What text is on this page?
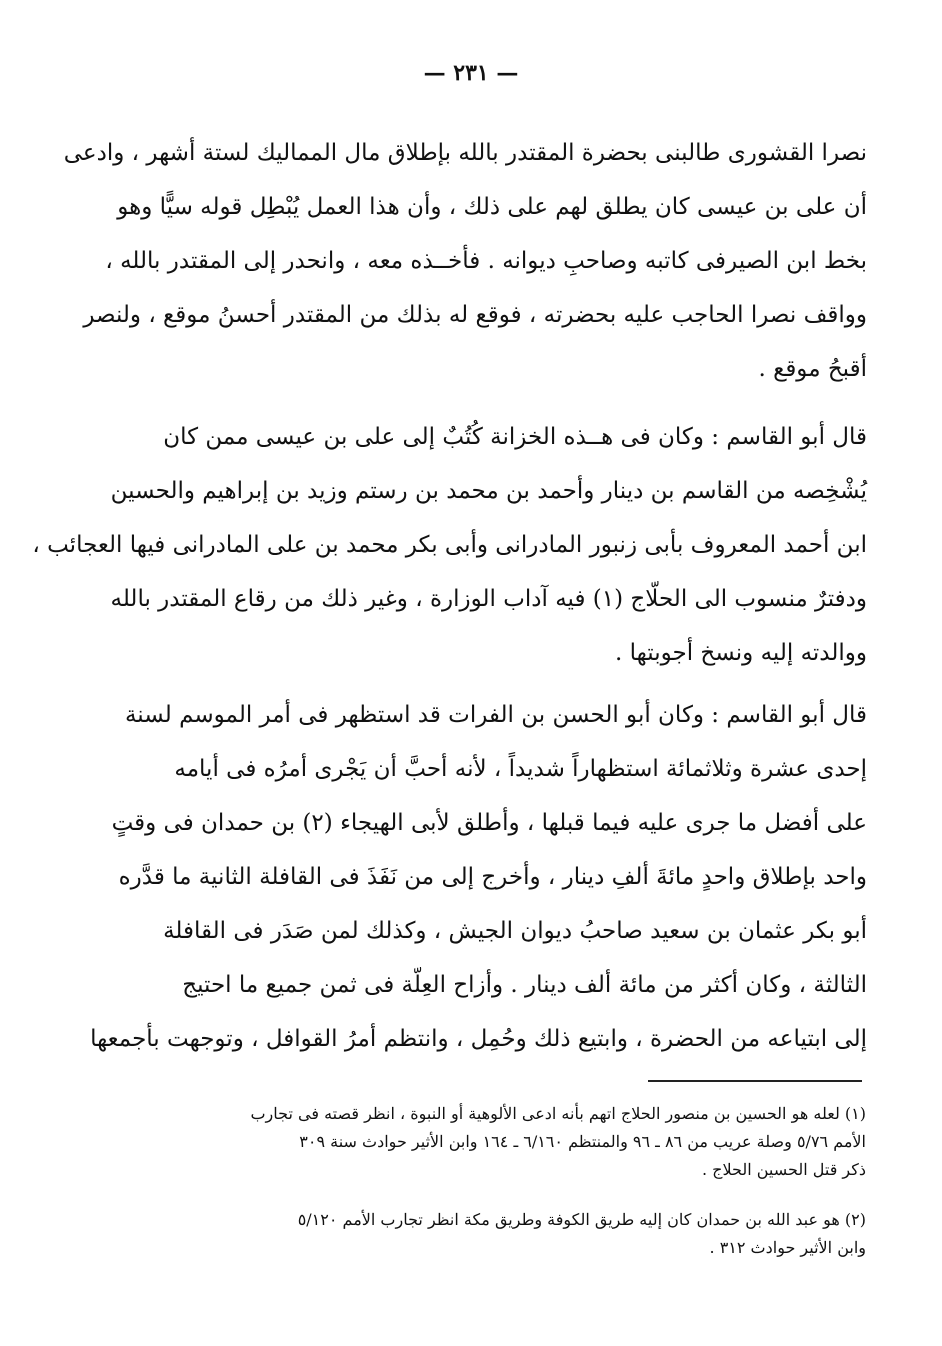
— ٢٣١ —
نصرا القشورى طالبنى بحضرة المقتدر بالله بإطلاق مال المماليك لستة أشهر ، وادعى
أن على بن عيسى كان يطلق لهم على ذلك ، وأن هذا العمل يُبْطِل قوله سيًّا وهو
بخط ابن الصيرفى كاتبه وصاحبِ ديوانه . فأخــذه معه ، وانحدر إلى المقتدر بالله ،
وواقف نصرا الحاجب عليه بحضرته ، فوقع له بذلك من المقتدر أحسنُ موقع ، ولنصر
أقبحُ موقع .
قال أبو القاسم : وكان فى هــذه الخزانة كُتُبٌ إلى على بن عيسى ممن كان
يُشْخِصه من القاسم بن دينار وأحمد بن محمد بن رستم وزيد بن إبراهيم والحسين
ابن أحمد المعروف بأبى زنبور المادرانى وأبى بكر محمد بن على المادرانى فيها العجائب ،
ودفترٌ منسوب الى الحلّاج (١) فيه آداب الوزارة ، وغير ذلك من رقاع المقتدر بالله
ووالدته إليه ونسخ أجوبتها .
قال أبو القاسم : وكان أبو الحسن بن الفرات قد استظهر فى أمر الموسم لسنة
إحدى عشرة وثلاثمائة استظهاراً شديداً ، لأنه أحبَّ أن يَجْرى أمرُه فى أيامه
على أفضل ما جرى عليه فيما قبلها ، وأطلق لأبى الهيجاء (٢) بن حمدان فى وقتٍ
واحد بإطلاق واحدٍ مائةَ ألفِ دينار ، وأخرج إلى من نَفَذَ فى القافلة الثانية ما قدَّره
أبو بكر عثمان بن سعيد صاحبُ ديوان الجيش ، وكذلك لمن صَدَر فى القافلة
الثالثة ، وكان أكثر من مائة ألف دينار . وأزاح العِلّة فى ثمن جميع ما احتيج
إلى ابتياعه من الحضرة ، وابتيع ذلك وحُمِل ، وانتظم أمرُ القوافل ، وتوجهت بأجمعها
(١) لعله هو الحسين بن منصور الحلاج اتهم بأنه ادعى الألوهية أو النبوة ، انظر قصته فى تجارب
الأمم ٥/٧٦ وصلة عريب من ٨٦ ـ ٩٦ والمنتظم ٦/١٦٠ ـ ١٦٤ وابن الأثير حوادث سنة ٣٠٩
ذكر قتل الحسين الحلاج .
(٢) هو عبد الله بن حمدان كان إليه طريق الكوفة وطريق مكة انظر تجارب الأمم ٥/١٢٠
وابن الأثير حوادث ٣١٢ .
